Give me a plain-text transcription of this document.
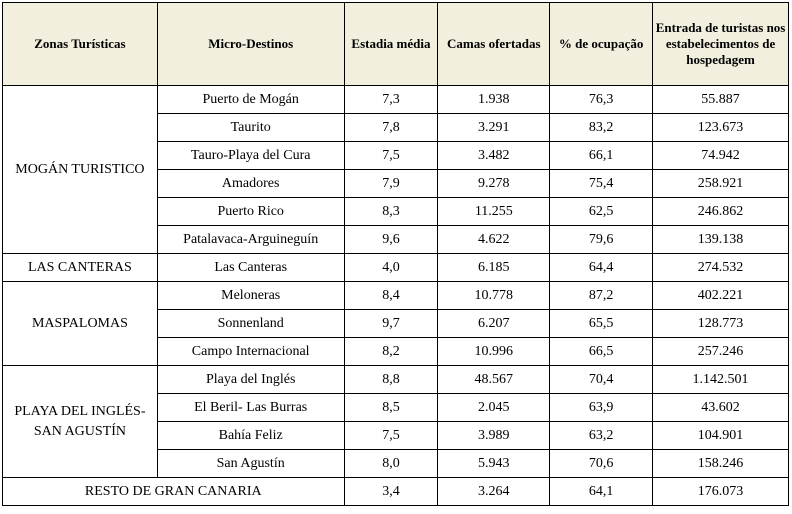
Zonas Turísticas	Micro-Destinos	Estadia média	Camas ofertadas	% de ocupação	Entrada de turistas nos estabelecimentos de hospedagem
MOGÁN TURISTICO	Puerto de Mogán	7,3	1.938	76,3	55.887
	Taurito	7,8	3.291	83,2	123.673
	Tauro-Playa del Cura	7,5	3.482	66,1	74.942
	Amadores	7,9	9.278	75,4	258.921
	Puerto Rico	8,3	11.255	62,5	246.862
	Patalavaca-Arguineguín	9,6	4.622	79,6	139.138
LAS CANTERAS	Las Canteras	4,0	6.185	64,4	274.532
MASPALOMAS	Meloneras	8,4	10.778	87,2	402.221
	Sonnenland	9,7	6.207	65,5	128.773
	Campo Internacional	8,2	10.996	66,5	257.246
PLAYA DEL INGLÉS- SAN AGUSTÍN	Playa del Inglés	8,8	48.567	70,4	1.142.501
	El Beril- Las Burras	8,5	2.045	63,9	43.602
	Bahía Feliz	7,5	3.989	63,2	104.901
	San Agustín	8,0	5.943	70,6	158.246
RESTO DE GRAN CANARIA		3,4	3.264	64,1	176.073
